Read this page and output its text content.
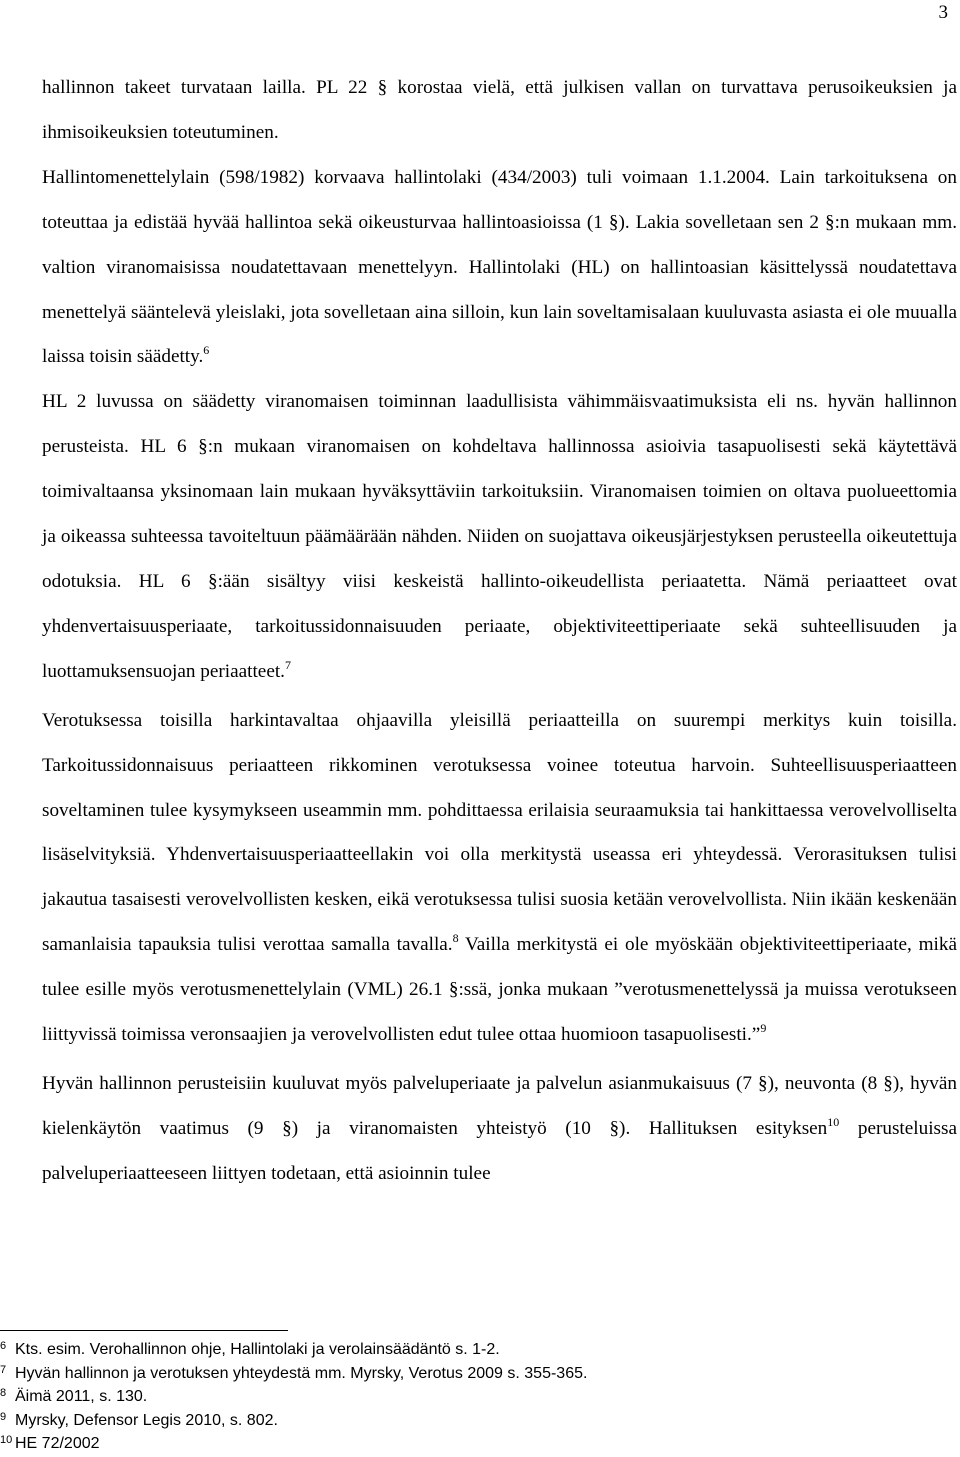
3

hallinnon takeet turvataan lailla. PL 22 § korostaa vielä, että julkisen vallan on turvattava perusoikeuksien ja ihmisoikeuksien toteutuminen.

Hallintomenettelylain (598/1982) korvaava hallintolaki (434/2003) tuli voimaan 1.1.2004. Lain tarkoituksena on toteuttaa ja edistää hyvää hallintoa sekä oikeusturvaa hallintoasioissa (1 §). Lakia sovelletaan sen 2 §:n mukaan mm. valtion viranomaisissa noudatettavaan menettelyyn. Hallintolaki (HL) on hallintoasian käsittelyssä noudatettava menettelyä sääntelevä yleislaki, jota sovelletaan aina silloin, kun lain soveltamisalaan kuuluvasta asiasta ei ole muualla laissa toisin säädetty.$^6$

HL 2 luvussa on säädetty viranomaisen toiminnan laadullisista vähimmäisvaatimuksista eli ns. hyvän hallinnon perusteista. HL 6 §:n mukaan viranomaisen on kohdeltava hallinnossa asioivia tasapuolisesti sekä käytettävä toimivaltaansa yksinomaan lain mukaan hyväksyttäviin tarkoituksiin. Viranomaisen toimien on oltava puolueettomia ja oikeassa suhteessa tavoiteltuun päämäärään nähden. Niiden on suojattava oikeusjärjestyksen perusteella oikeutettuja odotuksia. HL 6 §:ään sisältyy viisi keskeistä hallinto-oikeudellista periaatetta. Nämä periaatteet ovat yhdenvertaisuusperiaate, tarkoitussidonnaisuuden periaate, objektiviteettiperiaate sekä suhteellisuuden ja luottamuksensuojan periaatteet.$^7$

Verotuksessa toisilla harkintavaltaa ohjaavilla yleisillä periaatteilla on suurempi merkitys kuin toisilla. Tarkoitussidonnaisuus periaatteen rikkominen verotuksessa voinee toteutua harvoin. Suhteellisuusperiaatteen soveltaminen tulee kysymykseen useammin mm. pohdittaessa erilaisia seuraamuksia tai hankittaessa verovelvolliselta lisäselvityksiä. Yhdenvertaisuusperiaatteellakin voi olla merkitystä useassa eri yhteydessä. Verorasituksen tulisi jakautua tasaisesti verovelvollisten kesken, eikä verotuksessa tulisi suosia ketään verovelvollista. Niin ikään keskenään samanlaisia tapauksia tulisi verottaa samalla tavalla.$^8$ Vailla merkitystä ei ole myöskään objektiviteettiperiaate, mikä tulee esille myös verotusmenettelylain (VML) 26.1 §:ssä, jonka mukaan ”verotusmenettelyssä ja muissa verotukseen liittyvissä toimissa veronsaajien ja verovelvollisten edut tulee ottaa huomioon tasapuolisesti.”$^9$

Hyvän hallinnon perusteisiin kuuluvat myös palveluperiaate ja palvelun asianmukaisuus (7 §), neuvonta (8 §), hyvän kielenkäytön vaatimus (9 §) ja viranomaisten yhteistyö (10 §). Hallituksen esityksen$^{10}$ perusteluissa palveluperiaatteeseen liittyen todetaan, että asioinnin tulee

6 Kts. esim. Verohallinnon ohje, Hallintolaki ja verolainsäädäntö s. 1-2.
7 Hyvän hallinnon ja verotuksen yhteydestä mm. Myrsky, Verotus 2009 s. 355-365.
8 Äimä 2011, s. 130.
9 Myrsky, Defensor Legis 2010, s. 802.
10 HE 72/2002
